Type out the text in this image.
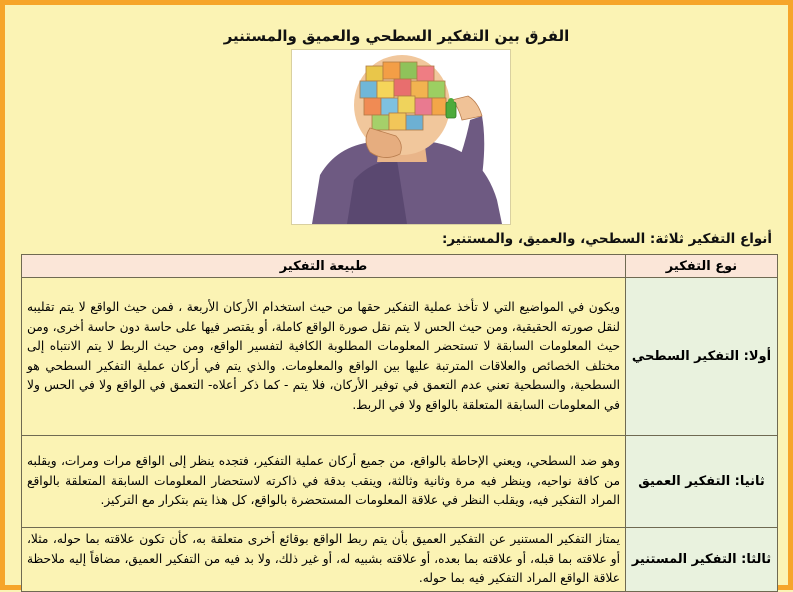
الفرق بين التفكير السطحي والعميق والمستنير
أنواع التفكير ثلاثة: السطحي، والعميق، والمستنير:
نوع التفكير	طبيعة التفكير
أولا: التفكير السطحي	ويكون في المواضيع التي لا تأخذ عملية التفكير حقها من حيث استخدام الأركان الأربعة ، فمن حيث الواقع لا يتم تقليبه لنقل صورته الحقيقية، ومن حيث الحس لا يتم نقل صورة الواقع كاملة، أو يقتصر فيها على حاسة دون حاسة أخرى، ومن حيث المعلومات السابقة لا تستحضر المعلومات المطلوبة الكافية لتفسير الواقع، ومن حيث الربط لا يتم الانتباه إلى مختلف الخصائص والعلاقات المترتبة عليها بين الواقع والمعلومات. والذي يتم في أركان عملية التفكير السطحي هو السطحية، والسطحية تعني عدم التعمق في توفير الأركان، فلا يتم - كما ذكر أعلاه- التعمق في الواقع ولا في الحس ولا في المعلومات السابقة المتعلقة بالواقع ولا في الربط.
ثانيا: التفكير العميق	وهو ضد السطحي، ويعني الإحاطة بالواقع، من جميع أركان عملية التفكير، فتجده ينظر إلى الواقع مرات ومرات، ويقلبه من كافة نواحيه، وينظر فيه مرة وثانية وثالثة، وينقب بدقة في ذاكرته لاستحضار المعلومات السابقة المتعلقة بالواقع المراد التفكير فيه، ويقلب النظر في علاقة المعلومات المستحضرة بالواقع، كل هذا يتم بتكرار مع التركيز.
ثالثا: التفكير المستنير	يمتاز التفكير المستنير عن التفكير العميق بأن يتم ربط الواقع بوقائع أخرى متعلقة به، كأن تكون علاقته بما حوله، مثلا، أو علاقته بما قبله، أو علاقته بما بعده، أو علاقته بشبيه له، أو غير ذلك، ولا بد فيه من التفكير العميق، مضافاً إليه ملاحظة علاقة الواقع المراد التفكير فيه بما حوله.
